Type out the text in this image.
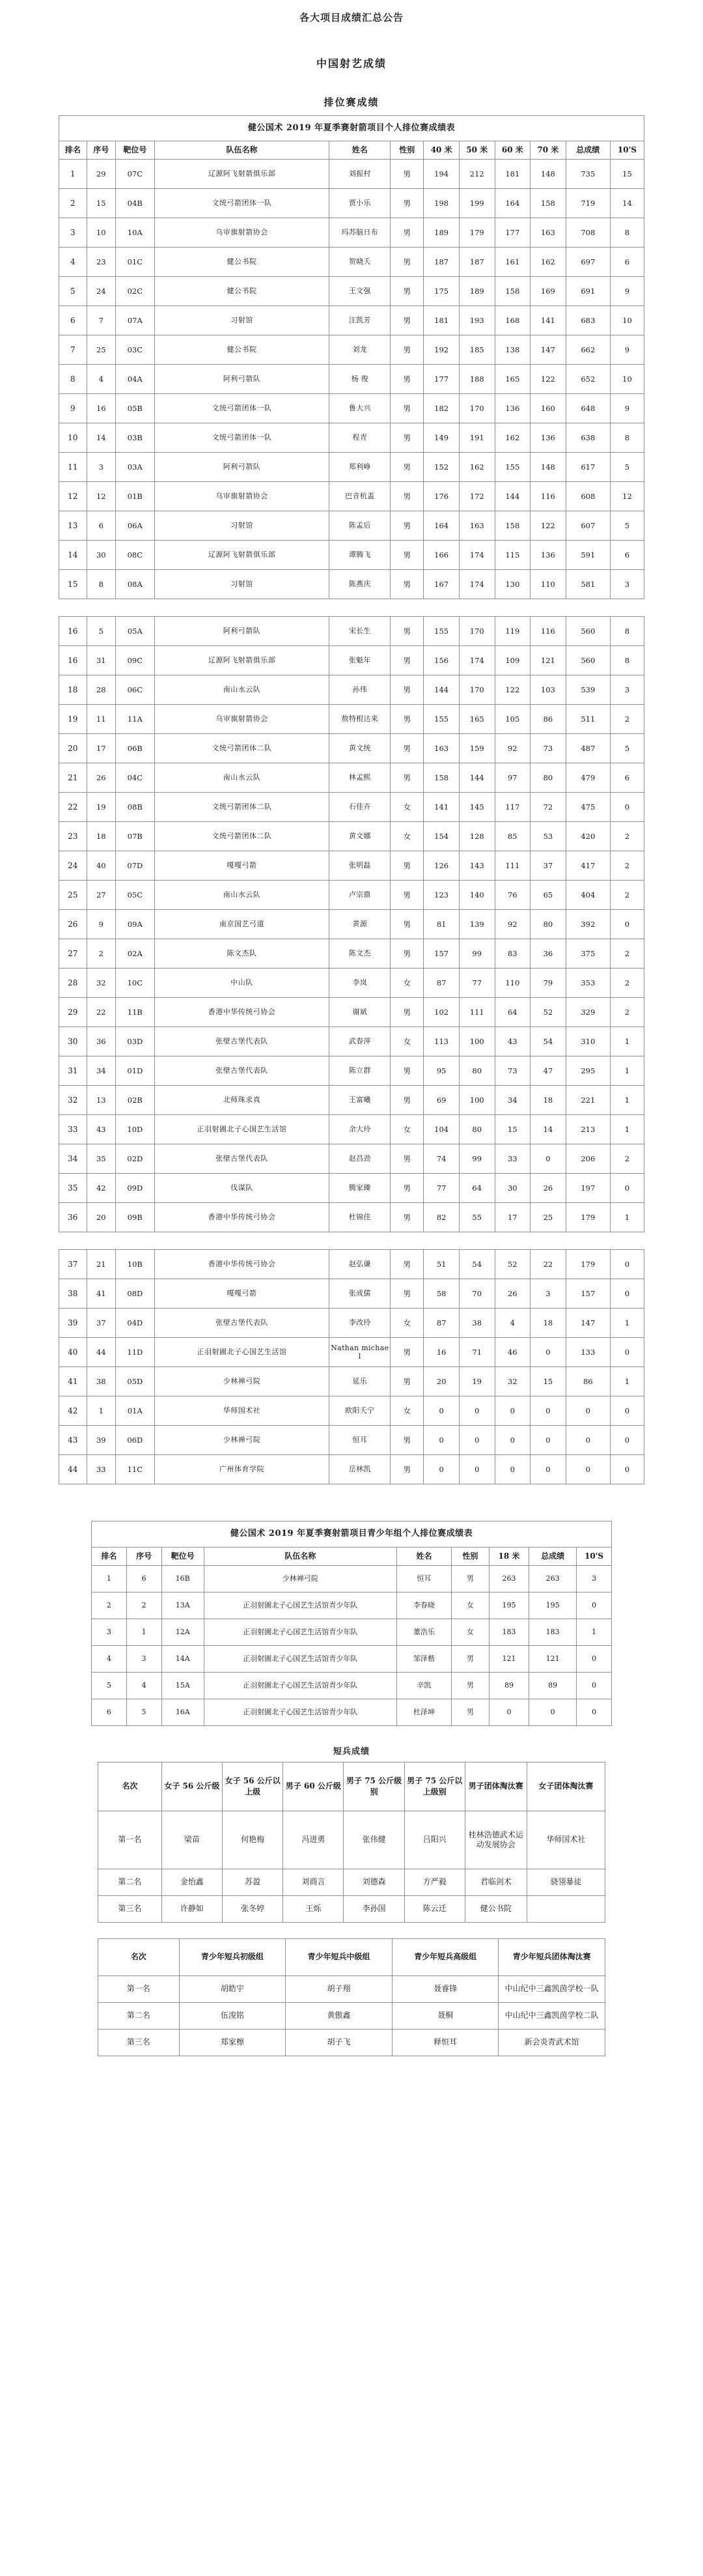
各大项目成绩汇总公告
中国射艺成绩
排位赛成绩
健公国术 2019 年夏季赛射箭项目个人排位赛成绩表											
排名	序号	靶位号	队伍名称	姓名	性别	40 米	50 米	60 米	70 米	总成绩	10'S
1	29	07C	辽源阿飞射箭俱乐部	刘振村	男	194	212	181	148	735	15
2	15	04B	文统弓箭团体一队	贾小乐	男	198	199	164	158	719	14
3	10	10A	乌审旗射箭协会	玛苏脑日布	男	189	179	177	163	708	8
4	23	01C	健公书院	贺晓夭	男	187	187	161	162	697	6
5	24	02C	健公书院	王文强	男	175	189	158	169	691	9
6	7	07A	习射馆	汪凯芳	男	181	193	168	141	683	10
7	25	03C	健公书院	刘龙	男	192	185	138	147	662	9
8	4	04A	阿利弓箭队	杨 俊	男	177	188	165	122	652	10
9	16	05B	文统弓箭团体一队	鲁大兴	男	182	170	136	160	648	9
10	14	03B	文统弓箭团体一队	程青	男	149	191	162	136	638	8
11	3	03A	阿利弓箭队	郑利峥	男	152	162	155	148	617	5
12	12	01B	乌审旗射箭协会	巴音杭盖	男	176	172	144	116	608	12
13	6	06A	习射馆	陈孟后	男	164	163	158	122	607	5
14	30	08C	辽源阿飞射箭俱乐部	谭腾飞	男	166	174	115	136	591	6
15	8	08A	习射馆	陈燕庆	男	167	174	130	110	581	3

16	5	05A	阿利弓箭队	宋长生	男	155	170	119	116	560	8
16	31	09C	辽源阿飞射箭俱乐部	张魁年	男	156	174	109	121	560	8
18	28	06C	南山水云队	孙伟	男	144	170	122	103	539	3
19	11	11A	乌审旗射箭协会	敖特根达来	男	155	165	105	86	511	2
20	17	06B	文统弓箭团体二队	黄文统	男	163	159	92	73	487	5
21	26	04C	南山水云队	林孟熙	男	158	144	97	80	479	6
22	19	08B	文统弓箭团体二队	石佳卉	女	141	145	117	72	475	0
23	18	07B	文统弓箭团体二队	黄文娜	女	154	128	85	53	420	2
24	40	07D	嘎嘎弓箭	张明磊	男	126	143	111	37	417	2
25	27	05C	南山水云队	卢宗鼎	男	123	140	76	65	404	2
26	9	09A	南京国艺弓道	黄源	男	81	139	92	80	392	0
27	2	02A	陈文杰队	陈文杰	男	157	99	83	36	375	2
28	32	10C	中山队	李岚	女	87	77	110	79	353	2
29	22	11B	香港中华传统弓协会	谢斌	男	102	111	64	52	329	2
30	36	03D	张壁古堡代表队	武春萍	女	113	100	43	54	310	1
31	34	01D	张壁古堡代表队	陈立群	男	95	80	73	47	295	1
32	13	02B	北师珠求真	王富曦	男	69	100	34	18	221	1
33	43	10D	正羽射圊北子心国艺生活馆	余大玲	女	104	80	15	14	213	1
34	35	02D	张壁古堡代表队	赵昌劲	男	74	99	33	0	206	2
35	42	09D	伐谋队	腾家臻	男	77	64	30	26	197	0
36	20	09B	香港中华传统弓协会	杜锦佳	男	82	55	17	25	179	1

37	21	10B	香港中华传统弓协会	赵弘谦	男	51	54	52	22	179	0
38	41	08D	嘎嘎弓箭	张成儒	男	58	70	26	3	157	0
39	37	04D	张壁古堡代表队	李改玲	女	87	38	4	18	147	1
40	44	11D	正羽射圊北子心国艺生活馆	Nathan michael	男	16	71	46	0	133	0
41	38	05D	少林禅弓院	延乐	男	20	19	32	15	86	1
42	1	01A	华师国术社	欧阳夭宁	女	0	0	0	0	0	0
43	39	06D	少林禅弓院	恒耳	男	0	0	0	0	0	0
44	33	11C	广州体育学院	岳林凯	男	0	0	0	0	0	0
健公国术 2019 年夏季赛射箭项目青少年组个人排位赛成绩表								
排名	序号	靶位号	队伍名称	姓名	性别	18 米	总成绩	10'S
1	6	16B	少林禅弓院	恒耳	男	263	263	3
2	2	13A	正羽射圊北子心国艺生活馆青少年队	李春晓	女	195	195	0
3	1	12A	正羽射圊北子心国艺生活馆青少年队	董浩乐	女	183	183	1
4	3	14A	正羽射圊北子心国艺生活馆青少年队	邹泽楷	男	121	121	0
5	4	15A	正羽射圊北子心国艺生活馆青少年队	辛凯	男	89	89	0
6	5	16A	正羽射圊北子心国艺生活馆青少年队	杜泽坤	男	0	0	0
短兵成绩
名次	女子 56 公斤级	女子 56 公斤以上级	男子 60 公斤级	男子 75 公斤级别	男子 75 公斤以上级别	男子团体淘汰赛	女子团体淘汰赛
第一名	梁苗	何艳梅	冯进勇	张伟健	吕阳兴	桂林浩德武术运动发展协会	华师国术社
第二名	金怡鑫	苏盈	刘商言	刘德森	方严毅	君临剑术	骁翎暴徒
第三名	许静如	张冬婷	王烁	李孙国	陈云迁	健公书院	
名次	青少年短兵初级组	青少年短兵中级组	青少年短兵高级组	青少年短兵团体淘汰赛
第一名	胡皓宇	胡子翔	聂睿锋	中山纪中三鑫凯茵学校一队
第二名	伍浚铭	黄傲鑫	聂桐	中山纪中三鑫凯茵学校二队
第三名	郑家檫	胡子飞	释恒耳	新会炎青武术馆
